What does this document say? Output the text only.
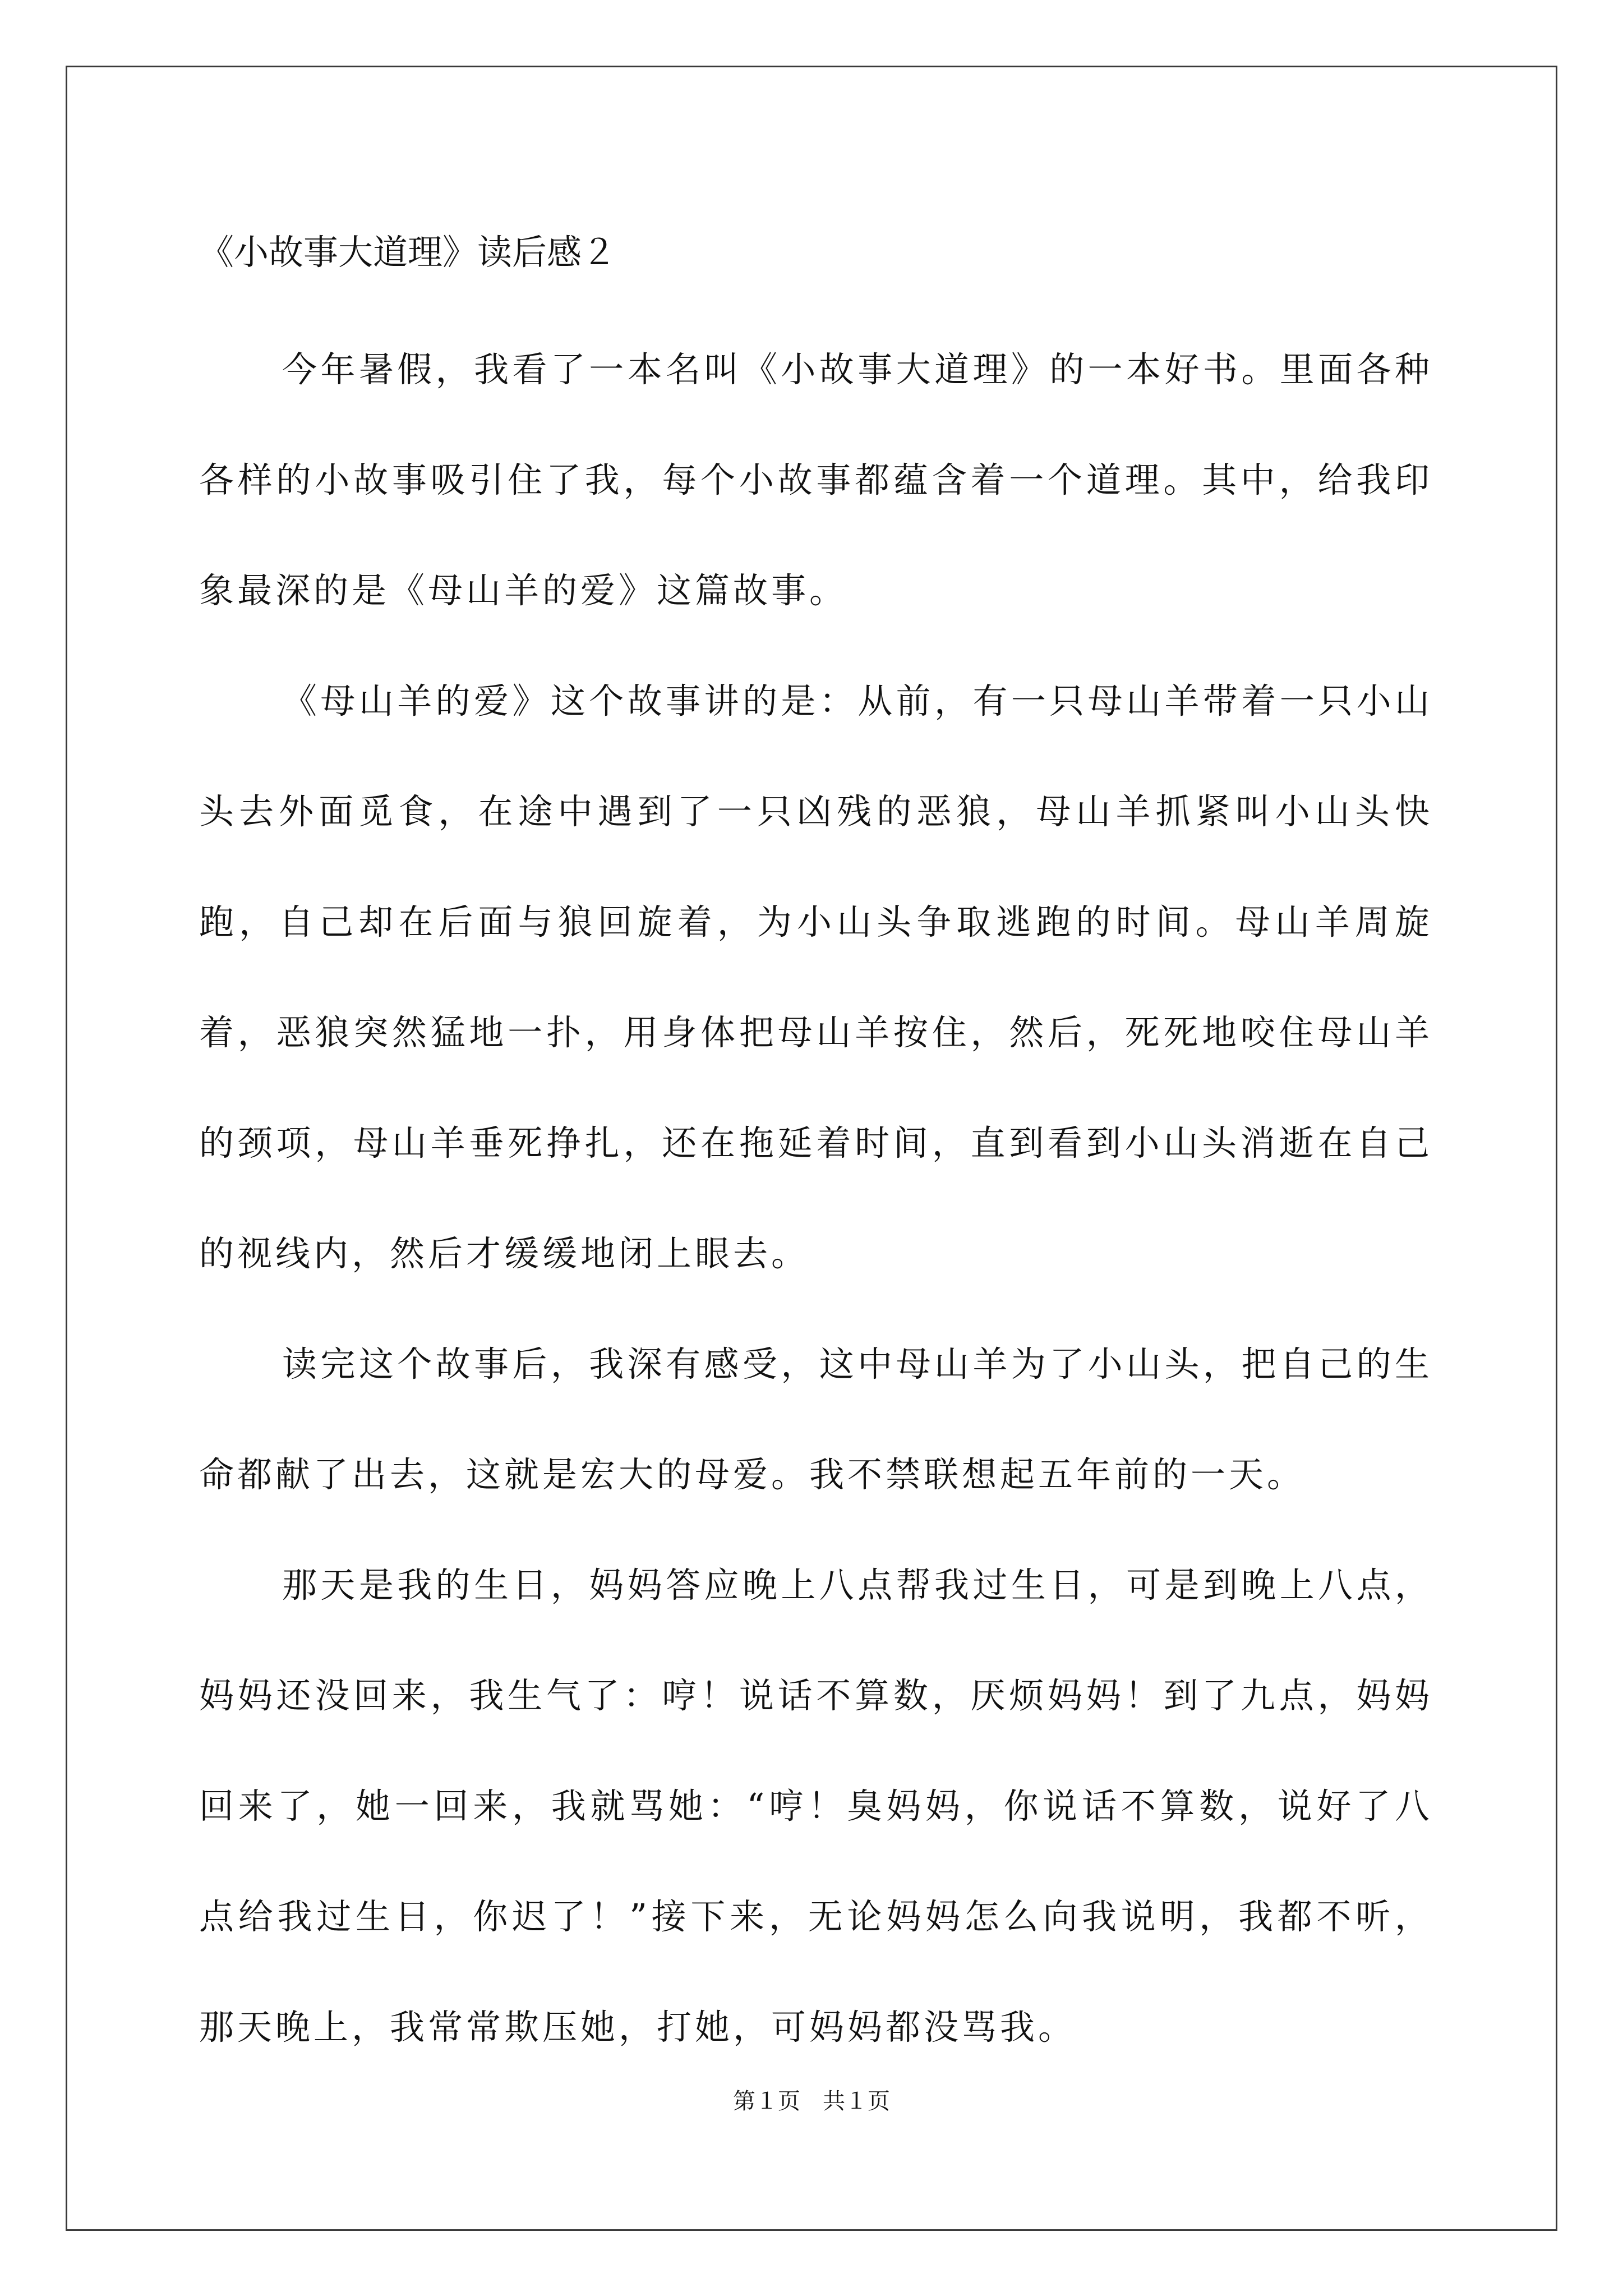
《小故事大道理》读后感２

今年暑假，我看了一本名叫《小故事大道理》的一本好书。里面各种各样的小故事吸引住了我，每个小故事都蕴含着一个道理。其中，给我印象最深的是《母山羊的爱》这篇故事。

《母山羊的爱》这个故事讲的是：从前，有一只母山羊带着一只小山头去外面觅食，在途中遇到了一只凶残的恶狼，母山羊抓紧叫小山头快跑，自己却在后面与狼回旋着，为小山头争取逃跑的时间。母山羊周旋着，恶狼突然猛地一扑，用身体把母山羊按住，然后，死死地咬住母山羊的颈项，母山羊垂死挣扎，还在拖延着时间，直到看到小山头消逝在自己的视线内，然后才缓缓地闭上眼去。

读完这个故事后，我深有感受，这中母山羊为了小山头，把自己的生命都献了出去，这就是宏大的母爱。我不禁联想起五年前的一天。

那天是我的生日，妈妈答应晚上八点帮我过生日，可是到晚上八点，妈妈还没回来，我生气了：哼！说话不算数，厌烦妈妈！到了九点，妈妈回来了，她一回来，我就骂她：“哼！臭妈妈，你说话不算数，说好了八点给我过生日，你迟了！”接下来，无论妈妈怎么向我说明，我都不听，那天晚上，我常常欺压她，打她，可妈妈都没骂我。

第１页　共１页
